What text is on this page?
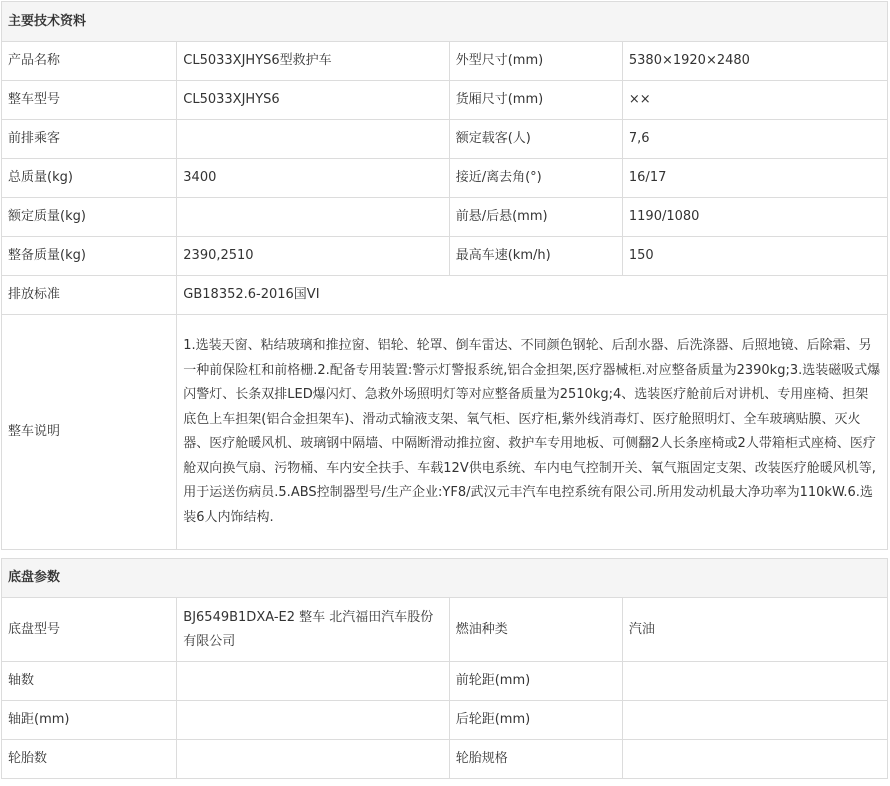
主要技术资料			
产品名称	CL5033XJHYS6型救护车	外型尺寸(mm)	5380×1920×2480
整车型号	CL5033XJHYS6	货厢尺寸(mm)	××
前排乘客		额定载客(人)	7,6
总质量(kg)	3400	接近/离去角(°)	16/17
额定质量(kg)		前悬/后悬(mm)	1190/1080
整备质量(kg)	2390,2510	最高车速(km/h)	150
排放标准	GB18352.6-2016国VI		
整车说明	1.选装天窗、粘结玻璃和推拉窗、铝轮、轮罩、倒车雷达、不同颜色钢轮、后刮水器、后洗涤器、后照地镜、后除霜、另一种前保险杠和前格栅.2.配备专用装置:警示灯警报系统,铝合金担架,医疗器械柜.对应整备质量为2390kg;3.选装磁吸式爆闪警灯、长条双排LED爆闪灯、急救外场照明灯等对应整备质量为2510kg;4、选装医疗舱前后对讲机、专用座椅、担架底色上车担架(铝合金担架车)、滑动式输液支架、氧气柜、医疗柜,紫外线消毒灯、医疗舱照明灯、全车玻璃贴膜、灭火器、医疗舱暖风机、玻璃钢中隔墙、中隔断滑动推拉窗、救护车专用地板、可侧翻2人长条座椅或2人带箱柜式座椅、医疗舱双向换气扇、污物桶、车内安全扶手、车载12V供电系统、车内电气控制开关、氧气瓶固定支架、改装医疗舱暖风机等,用于运送伤病员.5.ABS控制器型号/生产企业:YF8/武汉元丰汽车电控系统有限公司.所用发动机最大净功率为110kW.6.选装6人内饰结构.		
底盘参数			
底盘型号	BJ6549B1DXA-E2 整车 北汽福田汽车股份有限公司	燃油种类	汽油
轴数		前轮距(mm)	
轴距(mm)		后轮距(mm)	
轮胎数		轮胎规格	
